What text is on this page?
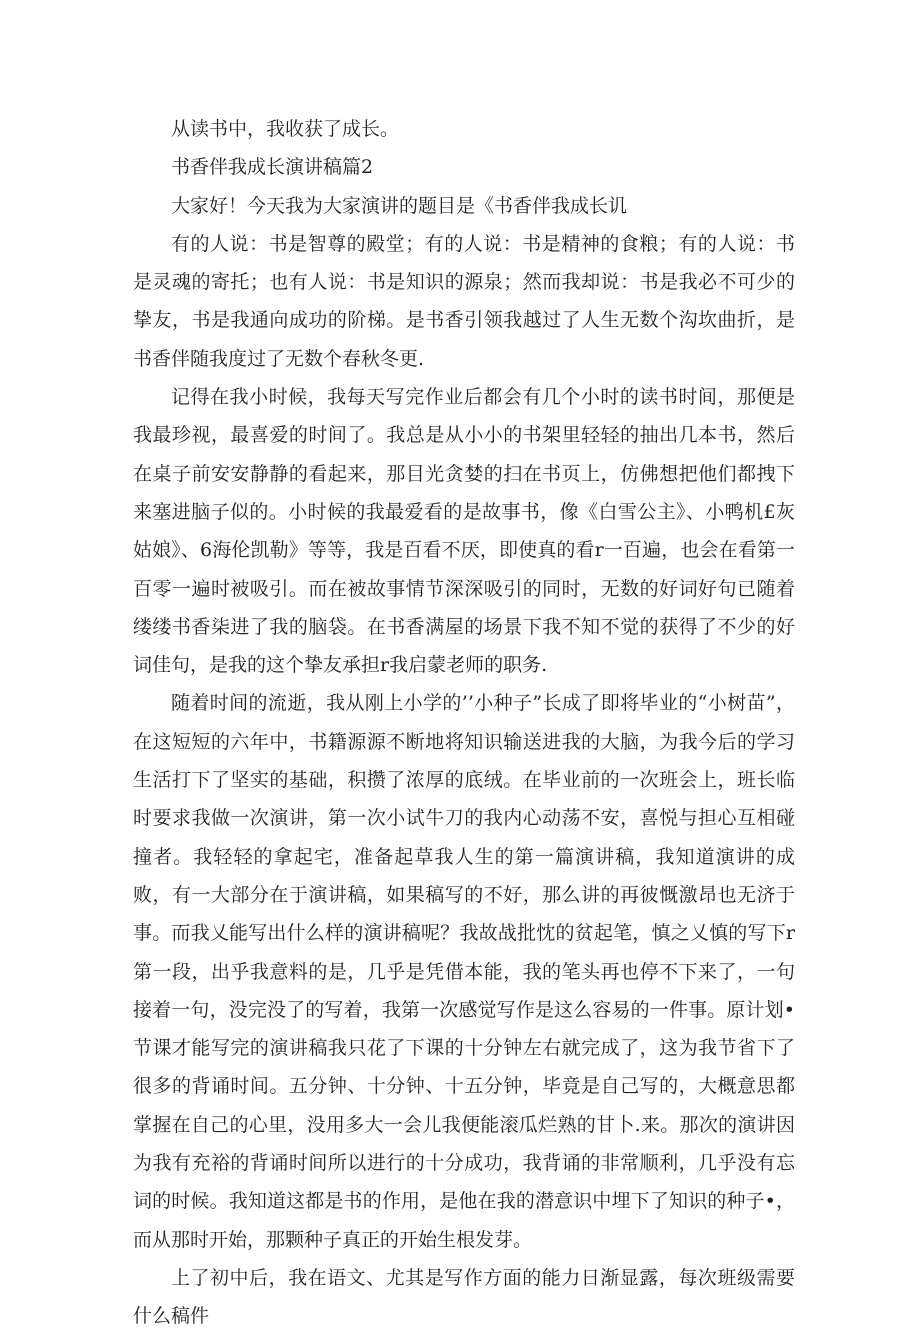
从读书中，我收获了成长。

书香伴我成长演讲稿篇2

大家好！今天我为大家演讲的题目是《书香伴我成长讥

有的人说：书是智尊的殿堂；有的人说：书是精神的食粮；有的人说：书是灵魂的寄托；也有人说：书是知识的源泉；然而我却说：书是我必不可少的挚友，书是我通向成功的阶梯。是书香引领我越过了人生无数个沟坎曲折，是书香伴随我度过了无数个春秋冬更.

记得在我小时候，我每天写完作业后都会有几个小时的读书时间，那便是我最珍视，最喜爱的时间了。我总是从小小的书架里轻轻的抽出几本书，然后在桌子前安安静静的看起来，那目光贪婪的扫在书页上，仿佛想把他们都拽下来塞进脑子似的。小时候的我最爱看的是故事书，像《白雪公主》、小鸭机£灰姑娘》、6海伦凯勒》等等，我是百看不厌，即使真的看r一百遍，也会在看第一百零一遍时被吸引。而在被故事情节深深吸引的同时，无数的好词好句已随着缕缕书香柒进了我的脑袋。在书香满屋的场景下我不知不觉的获得了不少的好词佳句，是我的这个挚友承担r我启蒙老师的职务.

随着时间的流逝，我从刚上小学的’’小种子”长成了即将毕业的“小树苗”，在这短短的六年中，书籍源源不断地将知识输送进我的大脑，为我今后的学习生活打下了坚实的基础，积攒了浓厚的底绒。在毕业前的一次班会上，班长临时要求我做一次演讲，第一次小试牛刀的我内心动荡不安，喜悦与担心互相碰撞者。我轻轻的拿起宅，准备起草我人生的第一篇演讲稿，我知道演讲的成败，有一大部分在于演讲稿，如果稿写的不好，那么讲的再彼慨激昂也无济于事。而我乂能写出什么样的演讲稿呢？我故战批忱的贫起笔，慎之乂慎的写下r第一段，出乎我意料的是，几乎是凭借本能，我的笔头再也停不下来了，一句接着一句，没完没了的写着，我第一次感觉写作是这么容易的一件事。原计划•节课才能写完的演讲稿我只花了下课的十分钟左右就完成了，这为我节省下了很多的背诵时间。五分钟、十分钟、十五分钟，毕竟是自己写的，大概意思都掌握在自己的心里，没用多大一会儿我便能滚瓜烂熟的甘卜.来。那次的演讲因为我有充裕的背诵时间所以进行的十分成功，我背诵的非常顺利，几乎没有忘词的时候。我知道这都是书的作用，是他在我的潜意识中埋下了知识的种子•，而从那时开始，那颗种子真正的开始生根发芽。

上了初中后，我在语文、尤其是写作方面的能力日渐显露，每次班级需要什么稿件
